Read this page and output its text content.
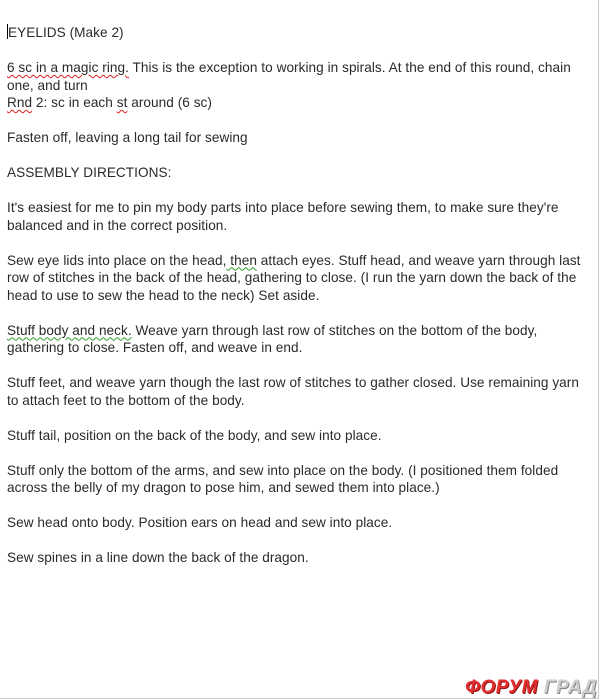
EYELIDS (Make 2)

6 sc in a magic ring. This is the exception to working in spirals. At the end of this round, chain one, and turn

Rnd 2: sc in each st around (6 sc)

Fasten off, leaving a long tail for sewing

ASSEMBLY DIRECTIONS:

It's easiest for me to pin my body parts into place before sewing them, to make sure they're balanced and in the correct position.

Sew eye lids into place on the head, then attach eyes. Stuff head, and weave yarn through last row of stitches in the back of the head, gathering to close. (I run the yarn down the back of the head to use to sew the head to the neck) Set aside.

Stuff body and neck. Weave yarn through last row of stitches on the bottom of the body, gathering to close. Fasten off, and weave in end.

Stuff feet, and weave yarn though the last row of stitches to gather closed. Use remaining yarn to attach feet to the bottom of the body.

Stuff tail, position on the back of the body, and sew into place.

Stuff only the bottom of the arms, and sew into place on the body. (I positioned them folded across the belly of my dragon to pose him, and sewed them into place.)

Sew head onto body. Position ears on head and sew into place.

Sew spines in a line down the back of the dragon.

ФОРУМ ГРАД
